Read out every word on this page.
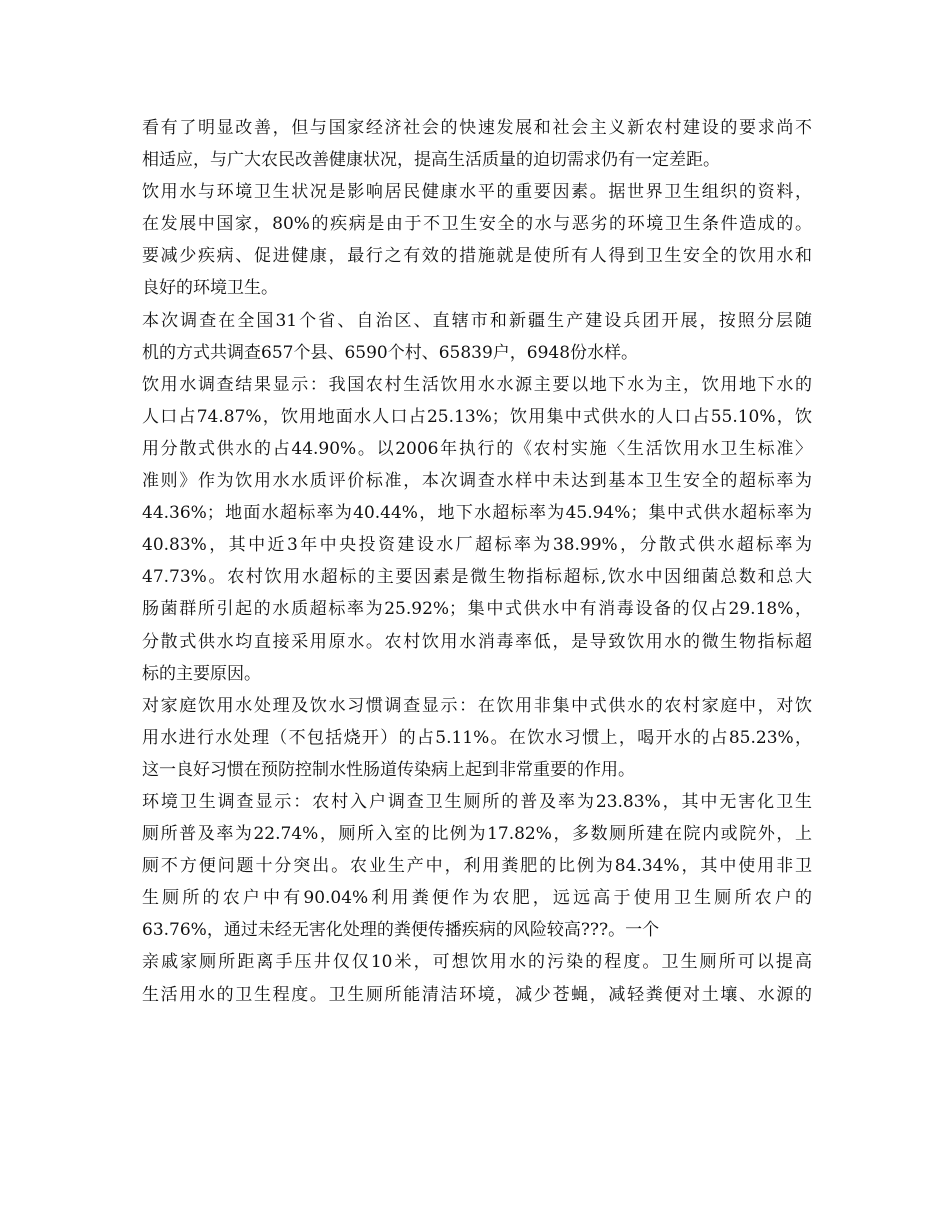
看有了明显改善，但与国家经济社会的快速发展和社会主义新农村建设的要求尚不
相适应，与广大农民改善健康状况，提高生活质量的迫切需求仍有一定差距。
饮用水与环境卫生状况是影响居民健康水平的重要因素。据世界卫生组织的资料，
在发展中国家，80%的疾病是由于不卫生安全的水与恶劣的环境卫生条件造成的。
要减少疾病、促进健康，最行之有效的措施就是使所有人得到卫生安全的饮用水和
良好的环境卫生。
本次调查在全国31个省、自治区、直辖市和新疆生产建设兵团开展，按照分层随
机的方式共调查657个县、6590个村、65839户，6948份水样。
饮用水调查结果显示：我国农村生活饮用水水源主要以地下水为主，饮用地下水的
人口占74.87%，饮用地面水人口占25.13%；饮用集中式供水的人口占55.10%，饮
用分散式供水的占44.90%。以2006年执行的《农村实施〈生活饮用水卫生标准〉
准则》作为饮用水水质评价标准，本次调查水样中未达到基本卫生安全的超标率为
44.36%；地面水超标率为40.44%，地下水超标率为45.94%；集中式供水超标率为
40.83%，其中近3年中央投资建设水厂超标率为38.99%，分散式供水超标率为
47.73%。农村饮用水超标的主要因素是微生物指标超标,饮水中因细菌总数和总大
肠菌群所引起的水质超标率为25.92%；集中式供水中有消毒设备的仅占29.18%，
分散式供水均直接采用原水。农村饮用水消毒率低，是导致饮用水的微生物指标超
标的主要原因。
对家庭饮用水处理及饮水习惯调查显示：在饮用非集中式供水的农村家庭中，对饮
用水进行水处理（不包括烧开）的占5.11%。在饮水习惯上，喝开水的占85.23%，
这一良好习惯在预防控制水性肠道传染病上起到非常重要的作用。
环境卫生调查显示：农村入户调查卫生厕所的普及率为23.83%，其中无害化卫生
厕所普及率为22.74%，厕所入室的比例为17.82%，多数厕所建在院内或院外，上
厕不方便问题十分突出。农业生产中，利用粪肥的比例为84.34%，其中使用非卫
生厕所的农户中有90.04%利用粪便作为农肥，远远高于使用卫生厕所农户的
63.76%，通过未经无害化处理的粪便传播疾病的风险较高???。一个
亲戚家厕所距离手压井仅仅10米，可想饮用水的污染的程度。卫生厕所可以提高
生活用水的卫生程度。卫生厕所能清洁环境，减少苍蝇，减轻粪便对土壤、水源的
